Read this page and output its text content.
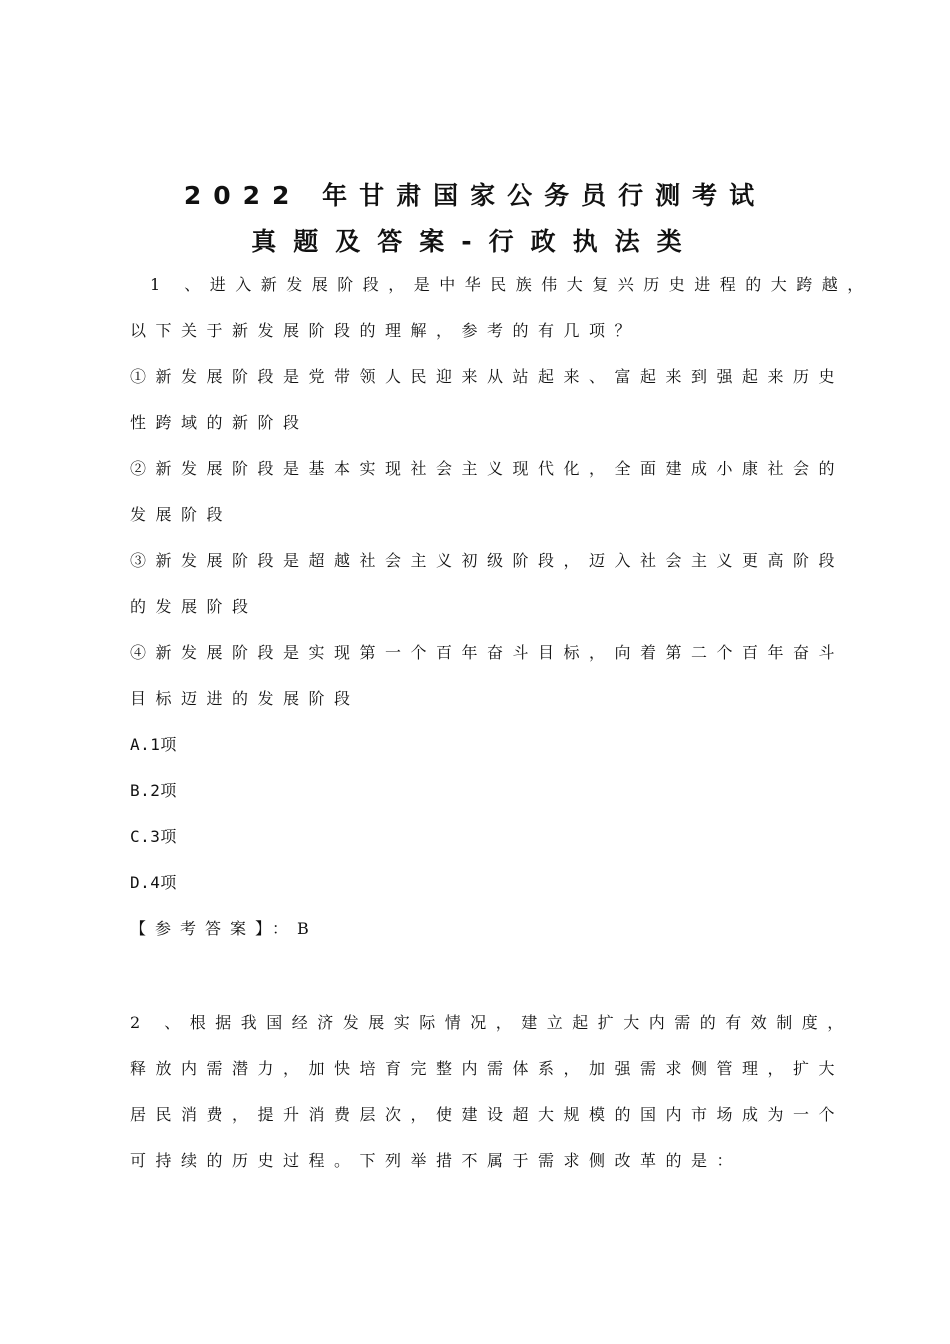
2022 年甘肃国家公务员行测考试
真题及答案-行政执法类
1 、进入新发展阶段，是中华民族伟大复兴历史进程的大跨越，
以下关于新发展阶段的理解，参考的有几项？
①新发展阶段是党带领人民迎来从站起来、富起来到强起来历史
性跨域的新阶段
②新发展阶段是基本实现社会主义现代化，全面建成小康社会的
发展阶段
③新发展阶段是超越社会主义初级阶段，迈入社会主义更高阶段
的发展阶段
④新发展阶段是实现第一个百年奋斗目标，向着第二个百年奋斗
目标迈进的发展阶段
A.1项
B.2项
C.3项
D.4项
【参考答案】：B
2 、根据我国经济发展实际情况，建立起扩大内需的有效制度，
释放内需潜力，加快培育完整内需体系，加强需求侧管理，扩大
居民消费，提升消费层次，使建设超大规模的国内市场成为一个
可持续的历史过程。下列举措不属于需求侧改革的是：
